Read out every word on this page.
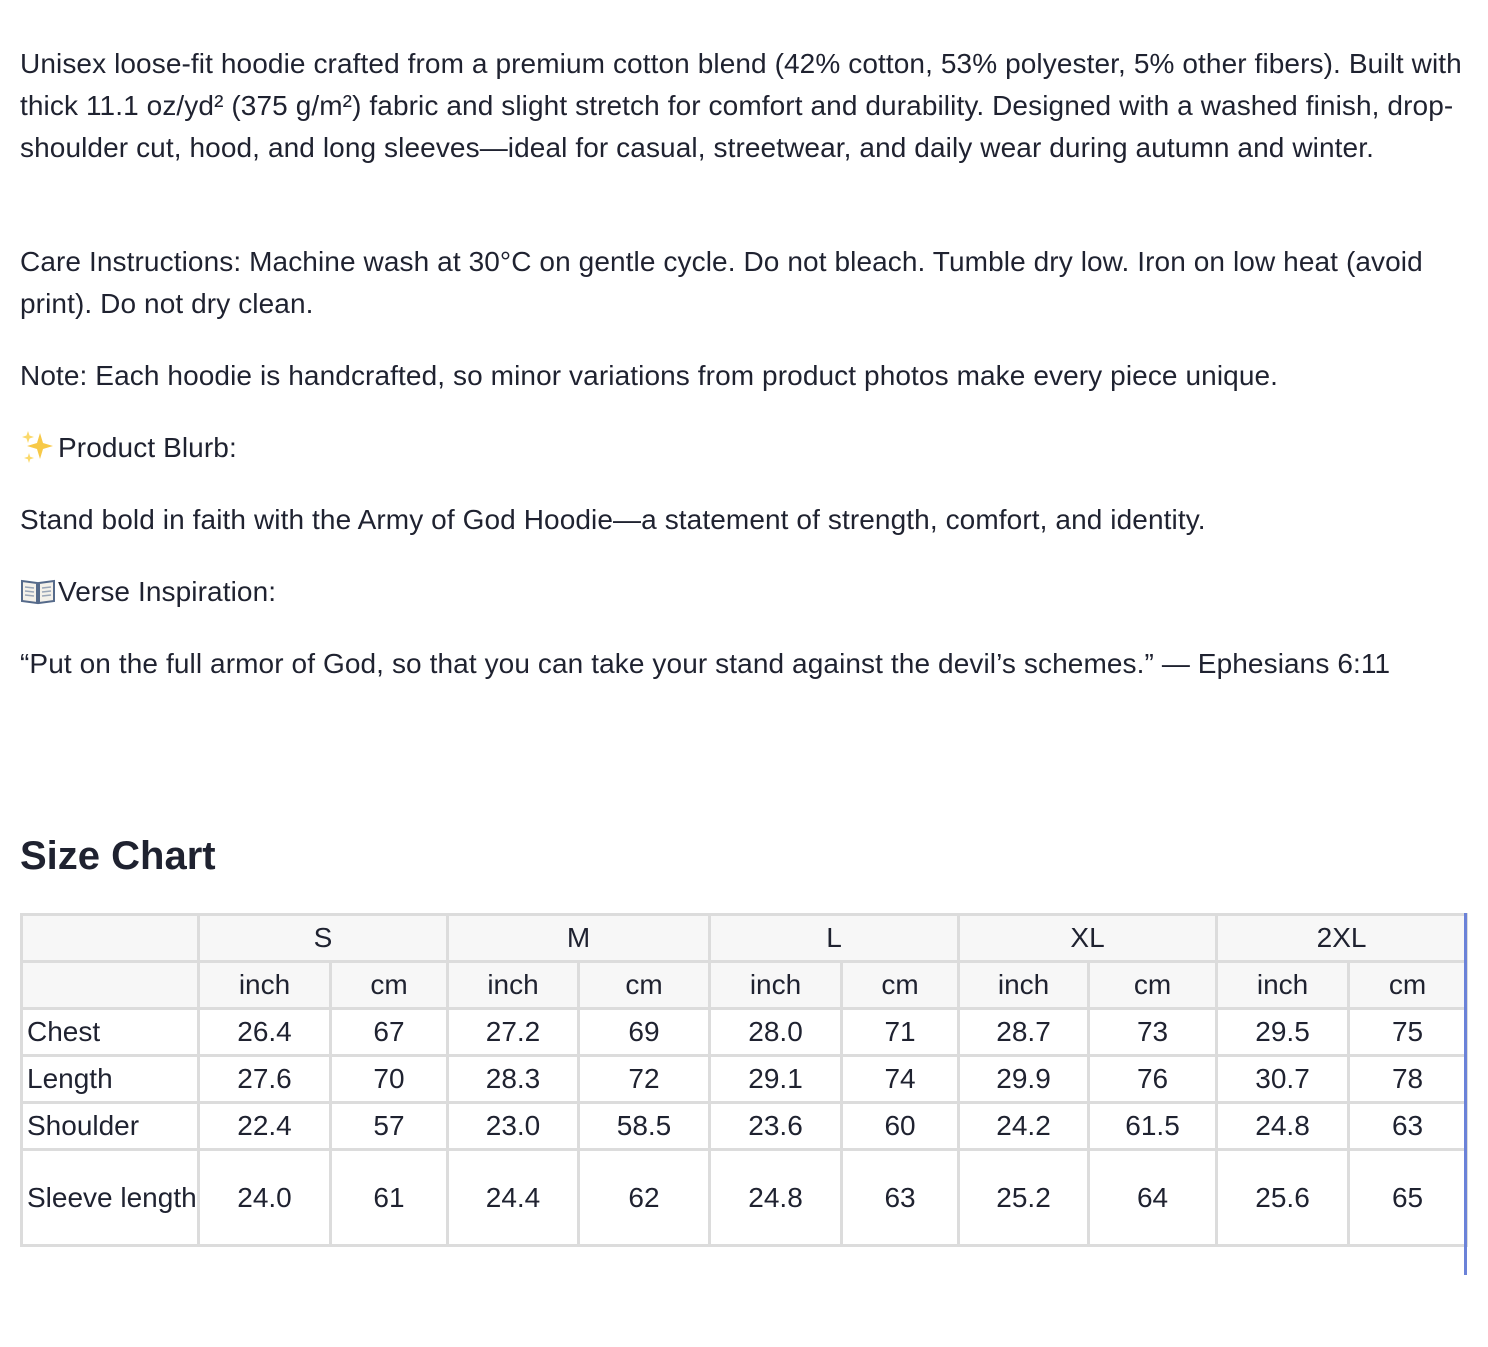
Unisex loose-fit hoodie crafted from a premium cotton blend (42% cotton, 53% polyester, 5% other fibers). Built with thick 11.1 oz/yd² (375 g/m²) fabric and slight stretch for comfort and durability. Designed with a washed finish, drop-shoulder cut, hood, and long sleeves—ideal for casual, streetwear, and daily wear during autumn and winter.

Care Instructions: Machine wash at 30°C on gentle cycle. Do not bleach. Tumble dry low. Iron on low heat (avoid print). Do not dry clean.

Note: Each hoodie is handcrafted, so minor variations from product photos make every piece unique.

Product Blurb:

Stand bold in faith with the Army of God Hoodie—a statement of strength, comfort, and identity.

Verse Inspiration:

“Put on the full armor of God, so that you can take your stand against the devil’s schemes.” — Ephesians 6:11

Size Chart
	S		M		L		XL		2XL	
	inch	cm	inch	cm	inch	cm	inch	cm	inch	cm
Chest	26.4	67	27.2	69	28.0	71	28.7	73	29.5	75
Length	27.6	70	28.3	72	29.1	74	29.9	76	30.7	78
Shoulder	22.4	57	23.0	58.5	23.6	60	24.2	61.5	24.8	63
Sleeve length	24.0	61	24.4	62	24.8	63	25.2	64	25.6	65
